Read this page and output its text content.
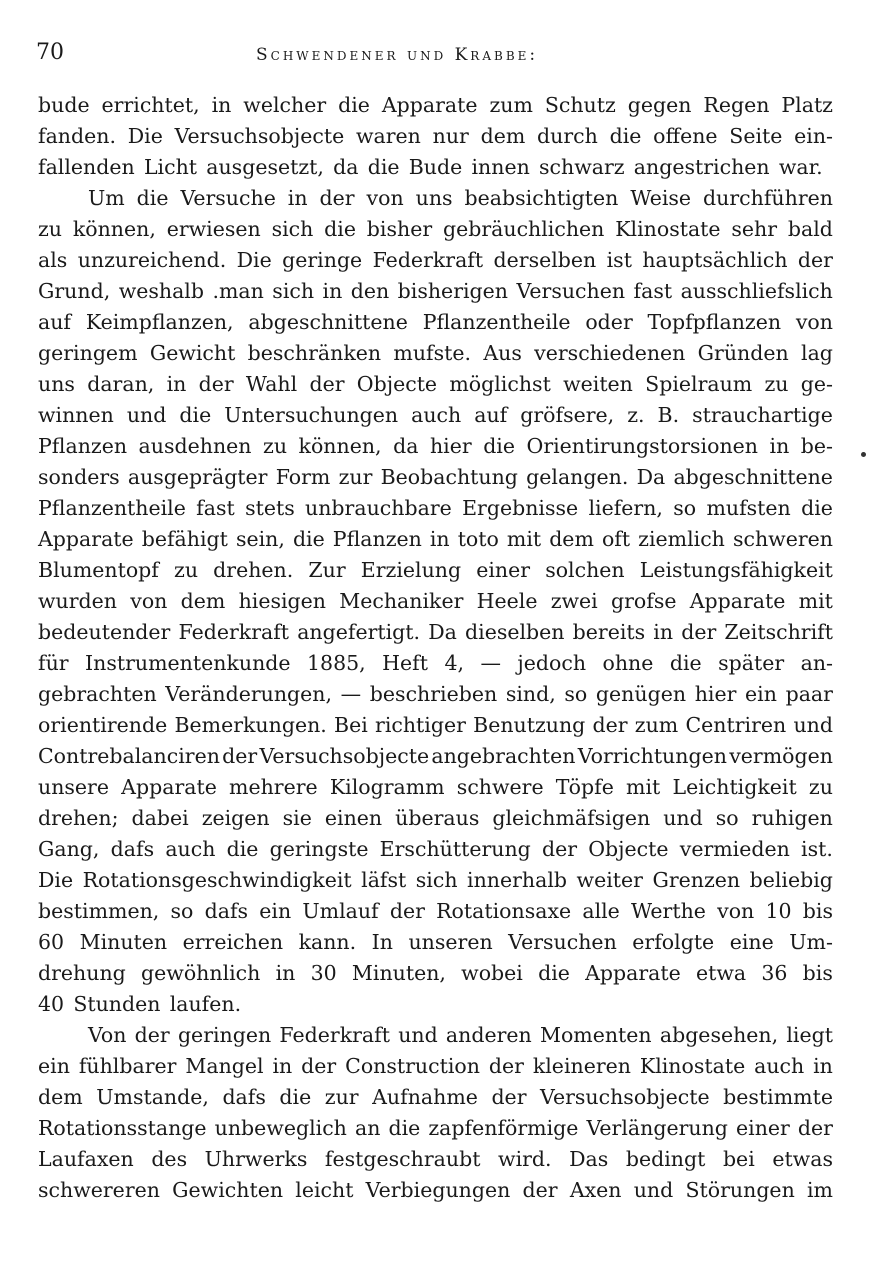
70	Schwendener und Krabbe:
bude errichtet, in welcher die Apparate zum Schutz gegen Regen Platz
fanden. Die Versuchsobjecte waren nur dem durch die offene Seite ein-
fallenden Licht ausgesetzt, da die Bude innen schwarz angestrichen war.
Um die Versuche in der von uns beabsichtigten Weise durchführen
zu können, erwiesen sich die bisher gebräuchlichen Klinostate sehr bald
als unzureichend. Die geringe Federkraft derselben ist hauptsächlich der
Grund, weshalb .man sich in den bisherigen Versuchen fast ausschliefslich
auf Keimpflanzen, abgeschnittene Pflanzentheile oder Topfpflanzen von
geringem Gewicht beschränken mufste. Aus verschiedenen Gründen lag
uns daran, in der Wahl der Objecte möglichst weiten Spielraum zu ge-
winnen und die Untersuchungen auch auf gröfsere, z. B. strauchartige
Pflanzen ausdehnen zu können, da hier die Orientirungstorsionen in be-
sonders ausgeprägter Form zur Beobachtung gelangen. Da abgeschnittene
Pflanzentheile fast stets unbrauchbare Ergebnisse liefern, so mufsten die
Apparate befähigt sein, die Pflanzen in toto mit dem oft ziemlich schweren
Blumentopf zu drehen. Zur Erzielung einer solchen Leistungsfähigkeit
wurden von dem hiesigen Mechaniker Heele zwei grofse Apparate mit
bedeutender Federkraft angefertigt. Da dieselben bereits in der Zeitschrift
für Instrumentenkunde 1885, Heft 4, — jedoch ohne die später an-
gebrachten Veränderungen, — beschrieben sind, so genügen hier ein paar
orientirende Bemerkungen. Bei richtiger Benutzung der zum Centriren und
Contrebalanciren der Versuchsobjecte angebrachten Vorrichtungen vermögen
unsere Apparate mehrere Kilogramm schwere Töpfe mit Leichtigkeit zu
drehen; dabei zeigen sie einen überaus gleichmäfsigen und so ruhigen
Gang, dafs auch die geringste Erschütterung der Objecte vermieden ist.
Die Rotationsgeschwindigkeit läfst sich innerhalb weiter Grenzen beliebig
bestimmen, so dafs ein Umlauf der Rotationsaxe alle Werthe von 10 bis
60 Minuten erreichen kann. In unseren Versuchen erfolgte eine Um-
drehung gewöhnlich in 30 Minuten, wobei die Apparate etwa 36 bis
40 Stunden laufen.
Von der geringen Federkraft und anderen Momenten abgesehen, liegt
ein fühlbarer Mangel in der Construction der kleineren Klinostate auch in
dem Umstande, dafs die zur Aufnahme der Versuchsobjecte bestimmte
Rotationsstange unbeweglich an die zapfenförmige Verlängerung einer der
Laufaxen des Uhrwerks festgeschraubt wird. Das bedingt bei etwas
schwereren Gewichten leicht Verbiegungen der Axen und Störungen im
